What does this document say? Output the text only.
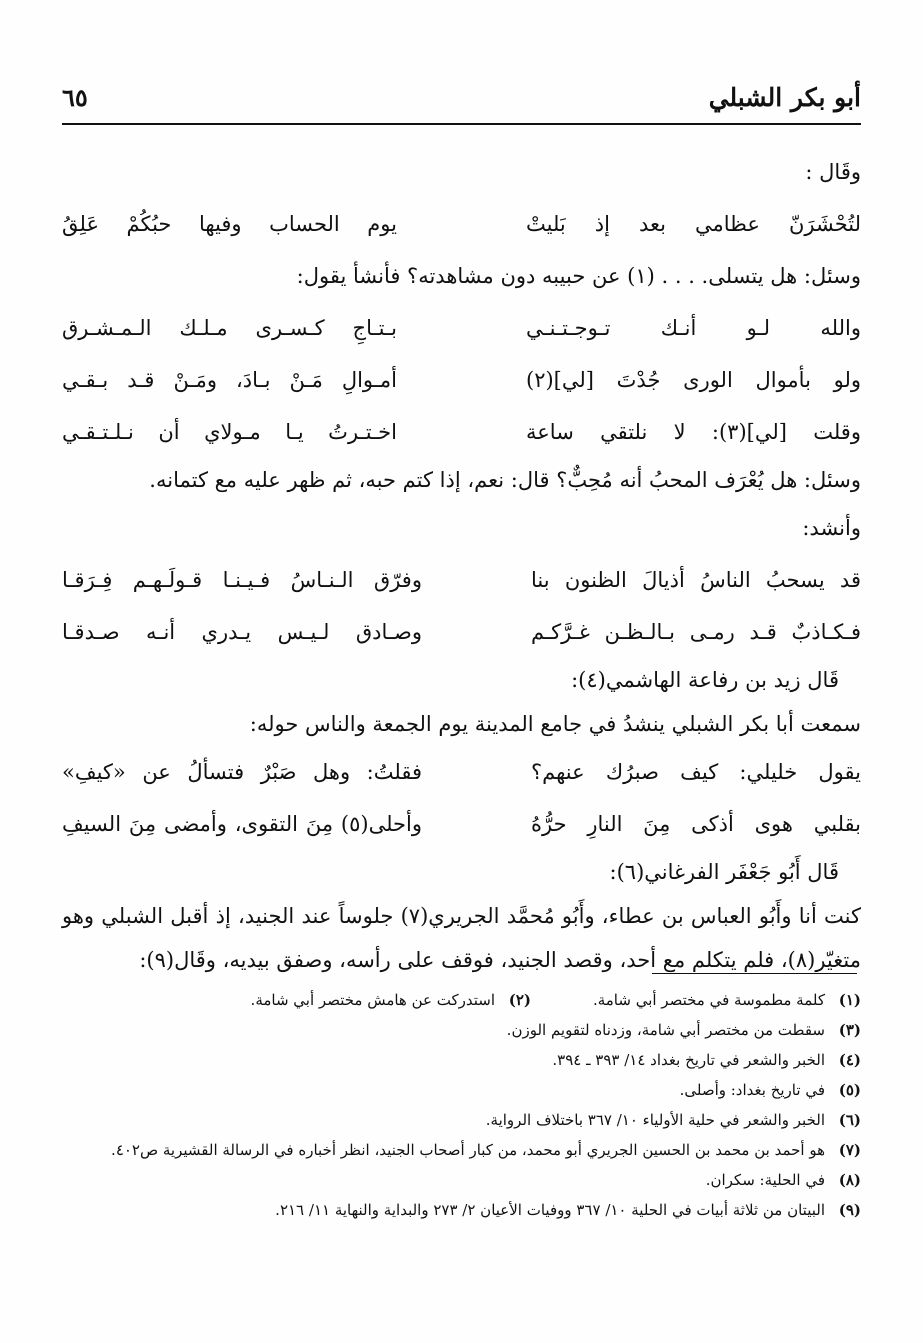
أبو بكر الشبلي
٦٥
وقَال :
لتُحْشَرَنّ عظامي بعد إذ بَليتْ
يوم الحساب وفيها حبُكُمْ عَلِقُ
وسئل: هل يتسلى. . . . (١) عن حبيبه دون مشاهدته؟ فأنشأ يقول:
والله لـو أنـك تـوجـتـنـي
بـتـاجِ كـسـرى مـلـك الـمـشـرق
ولو بأموال الورى جُدْتَ [لي](٢)
أمـوالِ مَـنْ بـادَ، ومَـنْ قـد بـقـي
وقلت [لي](٣): لا نلتقي ساعة
اخـتـرتُ يـا مـولاي أن نـلـتـقـي
وسئل: هل يُعْرَف المحبُ أنه مُحِبٌّ؟ قال: نعم، إذا كتم حبه، ثم ظهر عليه مع كتمانه.
وأنشد:
قد يسحبُ الناسُ أذيالَ الظنون بنا
وفرّق الـنـاسُ فـيـنـا قـولَـهـم فِـرَقـا
فـكـاذبٌ قـد رمـى بـالـظـن غـرَّكـم
وصـادق لـيـس يـدري أنـه صـدقـا
قَال زيد بن رفاعة الهاشمي(٤):
سمعت أبا بكر الشبلي ينشدُ في جامع المدينة يوم الجمعة والناس حوله:
يقول خليلي: كيف صبرُك عنهم؟
فقلتُ: وهل صَبْرٌ فتسألُ عن «كيفِ»
بقلبي هوى أذكى مِنَ النارِ حرُّهُ
وأحلى(٥) مِنَ التقوى، وأمضى مِنَ السيفِ
قَال أَبُو جَعْفَر الفرغاني(٦):
كنت أنا وأَبُو العباس بن عطاء، وأَبُو مُحمَّد الجريري(٧) جلوساً عند الجنيد، إذ أقبل الشبلي وهو متغيّر(٨)، فلم يتكلم مع أحد، وقصد الجنيد، فوقف على رأسه، وصفق بيديه، وقَال(٩):
(١)
كلمة مطموسة في مختصر أبي شامة.
(٢)
استدركت عن هامش مختصر أبي شامة.
(٣)
سقطت من مختصر أبي شامة، وزدناه لتقويم الوزن.
(٤)
الخبر والشعر في تاريخ بغداد ١٤/ ٣٩٣ ـ ٣٩٤.
(٥)
في تاريخ بغداد: وأصلى.
(٦)
الخبر والشعر في حلية الأولياء ١٠/ ٣٦٧ باختلاف الرواية.
(٧)
هو أحمد بن محمد بن الحسين الجريري أبو محمد، من كبار أصحاب الجنيد، انظر أخباره في الرسالة القشيرية ص٤٠٢.
(٨)
في الحلية: سكران.
(٩)
البيتان من ثلاثة أبيات في الحلية ١٠/ ٣٦٧ ووفيات الأعيان ٢/ ٢٧٣ والبداية والنهاية ١١/ ٢١٦.
